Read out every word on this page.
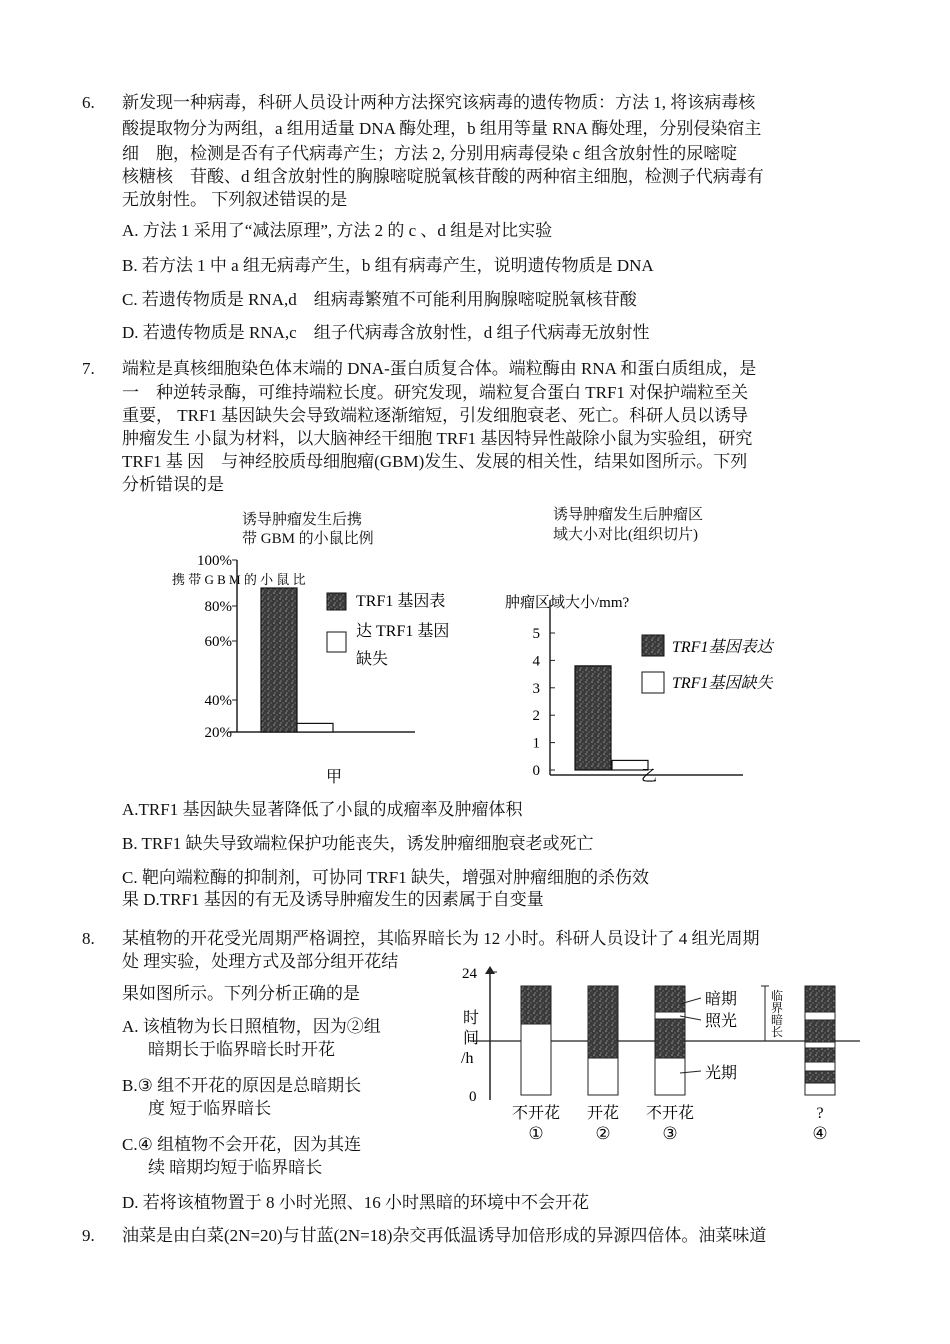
6. 新发现一种病毒，科研人员设计两种方法探究该病毒的遗传物质：方法 1, 将该病毒核
酸提取物分为两组，a 组用适量 DNA 酶处理，b 组用等量 RNA 酶处理，分别侵染宿主
细　胞，检测是否有子代病毒产生；方法 2, 分别用病毒侵染 c 组含放射性的尿嘧啶
核糖核　苷酸、d 组含放射性的胸腺嘧啶脱氧核苷酸的两种宿主细胞，检测子代病毒有
无放射性。 下列叙述错误的是
A. 方法 1 采用了“减法原理”, 方法 2 的 c 、d 组是对比实验
B. 若方法 1 中 a 组无病毒产生，b 组有病毒产生，说明遗传物质是 DNA
C. 若遗传物质是 RNA,d　组病毒繁殖不可能利用胸腺嘧啶脱氧核苷酸
D. 若遗传物质是 RNA,c　组子代病毒含放射性，d 组子代病毒无放射性
7. 端粒是真核细胞染色体末端的 DNA-蛋白质复合体。端粒酶由 RNA 和蛋白质组成，是
一　种逆转录酶，可维持端粒长度。研究发现，端粒复合蛋白 TRF1 对保护端粒至关
重要， TRF1 基因缺失会导致端粒逐渐缩短，引发细胞衰老、死亡。科研人员以诱导
肿瘤发生 小鼠为材料，以大脑神经干细胞 TRF1 基因特异性敲除小鼠为实验组，研究
TRF1 基 因　与神经胶质母细胞瘤(GBM)发生、发展的相关性，结果如图所示。下列
分析错误的是
诱导肿瘤发生后携
带 GBM 的小鼠比例
携 带 G B M 的 小 鼠 比
100%
80%
60%
40%
20%
TRF1 基因表
达 TRF1 基因
缺失
甲
诱导肿瘤发生后肿瘤区
域大小对比(组织切片)
肿瘤区域大小/mm?
5
4
3
2
1
0
TRF1基因表达
TRF1基因缺失
乙
A.TRF1 基因缺失显著降低了小鼠的成瘤率及肿瘤体积
B. TRF1 缺失导致端粒保护功能丧失，诱发肿瘤细胞衰老或死亡
C. 靶向端粒酶的抑制剂，可协同 TRF1 缺失，增强对肿瘤细胞的杀伤效
果 D.TRF1 基因的有无及诱导肿瘤发生的因素属于自变量
8. 某植物的开花受光周期严格调控，其临界暗长为 12 小时。科研人员设计了 4 组光周期
处 理实验，处理方式及部分组开花结
果如图所示。下列分析正确的是
A. 该植物为长日照植物，因为②组
暗期长于临界暗长时开花
B.③ 组不开花的原因是总暗期长
度 短于临界暗长
C.④ 组植物不会开花，因为其连
续 暗期均短于临界暗长
D. 若将该植物置于 8 小时光照、16 小时黑暗的环境中不会开花
24
0
时
间
/h
暗期
照光
光期
临
界
暗
长
不开花
①
开花
②
不开花
③
?
④
9. 油菜是由白菜(2N=20)与甘蓝(2N=18)杂交再低温诱导加倍形成的异源四倍体。油菜味道
